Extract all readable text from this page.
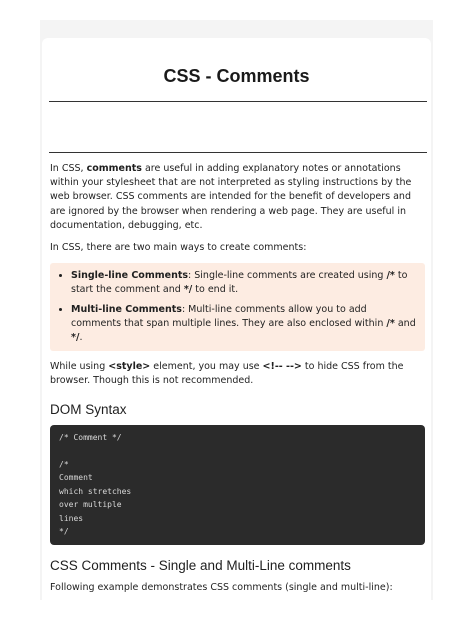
CSS - Comments

In CSS, comments are useful in adding explanatory notes or annotations within your stylesheet that are not interpreted as styling instructions by the web browser. CSS comments are intended for the benefit of developers and are ignored by the browser when rendering a web page. They are useful in documentation, debugging, etc.

In CSS, there are two main ways to create comments:

• Single-line Comments: Single-line comments are created using /* to start the comment and */ to end it.
• Multi-line Comments: Multi-line comments allow you to add comments that span multiple lines. They are also enclosed within /* and */.

While using <style> element, you may use <!-- --> to hide CSS from the browser. Though this is not recommended.

DOM Syntax
/* Comment */

/*
Comment
which stretches
over multiple
lines
*/
CSS Comments - Single and Multi-Line comments

Following example demonstrates CSS comments (single and multi-line):
